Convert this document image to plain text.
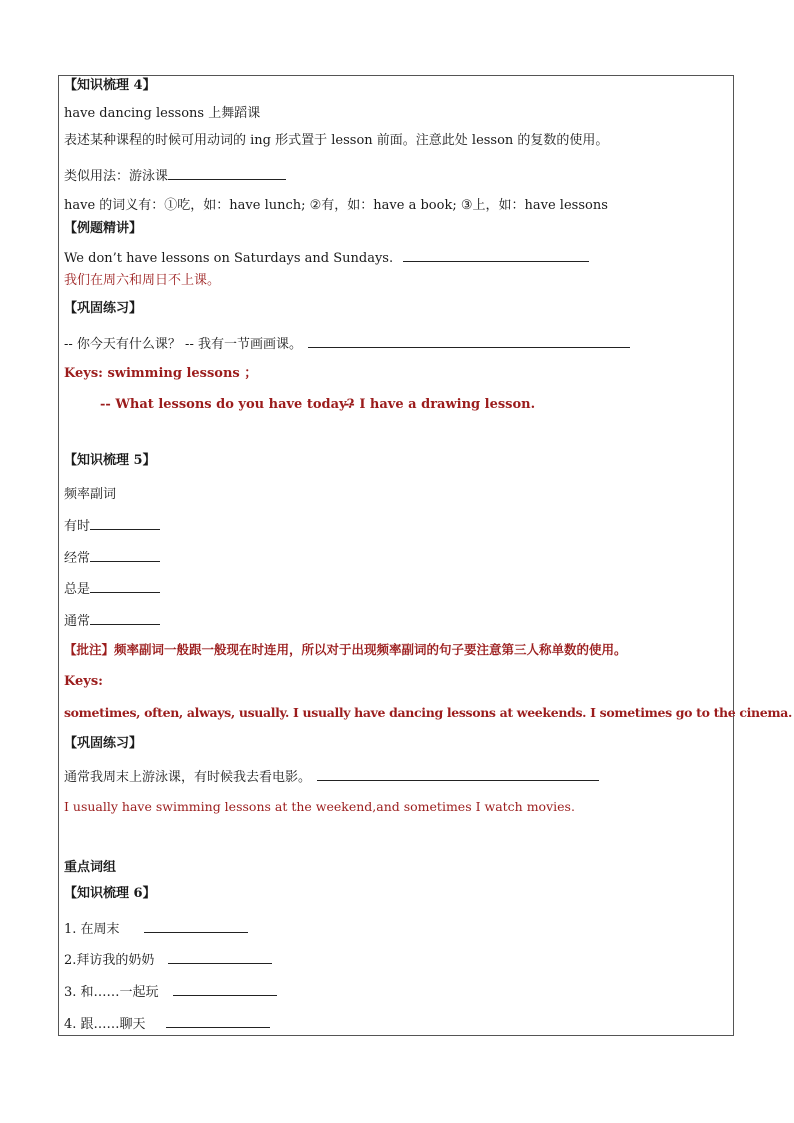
【知识梳理 4】
have dancing lessons 上舞蹈课
表述某种课程的时候可用动词的 ing 形式置于 lesson 前面。注意此处 lesson 的复数的使用。
类似用法：游泳课
have 的词义有：①吃，如：have lunch; ②有，如：have a book; ③上，如：have lessons
【例题精讲】
We don’t have lessons on Saturdays and Sundays.
我们在周六和周日不上课。
【巩固练习】
-- 你今天有什么课？ -- 我有一节画画课。
Keys: swimming lessons ；
-- What lessons do you have today?
-- I have a drawing lesson.
【知识梳理 5】
频率副词
有时
经常
总是
通常
【批注】频率副词一般跟一般现在时连用，所以对于出现频率副词的句子要注意第三人称单数的使用。
Keys:
sometimes, often, always, usually. I usually have dancing lessons at weekends. I sometimes go to the cinema.
【巩固练习】
通常我周末上游泳课，有时候我去看电影。
I usually have swimming lessons at the weekend,and sometimes I watch movies.
重点词组
【知识梳理 6】
1. 在周末
2.拜访我的奶奶
3. 和……一起玩
4. 跟……聊天
